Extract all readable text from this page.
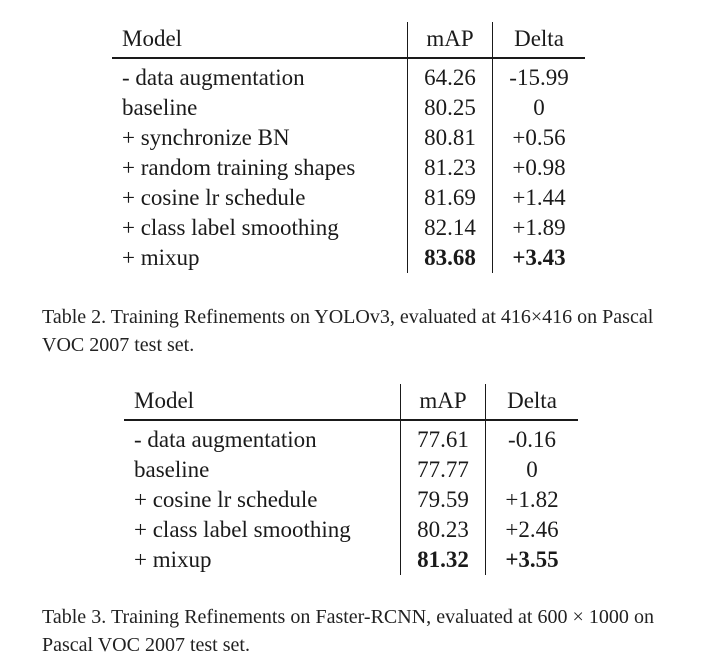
Model	mAP	Delta
- data augmentation	64.26	-15.99
baseline	80.25	0
+ synchronize BN	80.81	+0.56
+ random training shapes	81.23	+0.98
+ cosine lr schedule	81.69	+1.44
+ class label smoothing	82.14	+1.89
+ mixup	83.68	+3.43

Table 2. Training Refinements on YOLOv3, evaluated at 416×416 on Pascal VOC 2007 test set.

Model	mAP	Delta
- data augmentation	77.61	-0.16
baseline	77.77	0
+ cosine lr schedule	79.59	+1.82
+ class label smoothing	80.23	+2.46
+ mixup	81.32	+3.55

Table 3. Training Refinements on Faster-RCNN, evaluated at 600 × 1000 on Pascal VOC 2007 test set.
